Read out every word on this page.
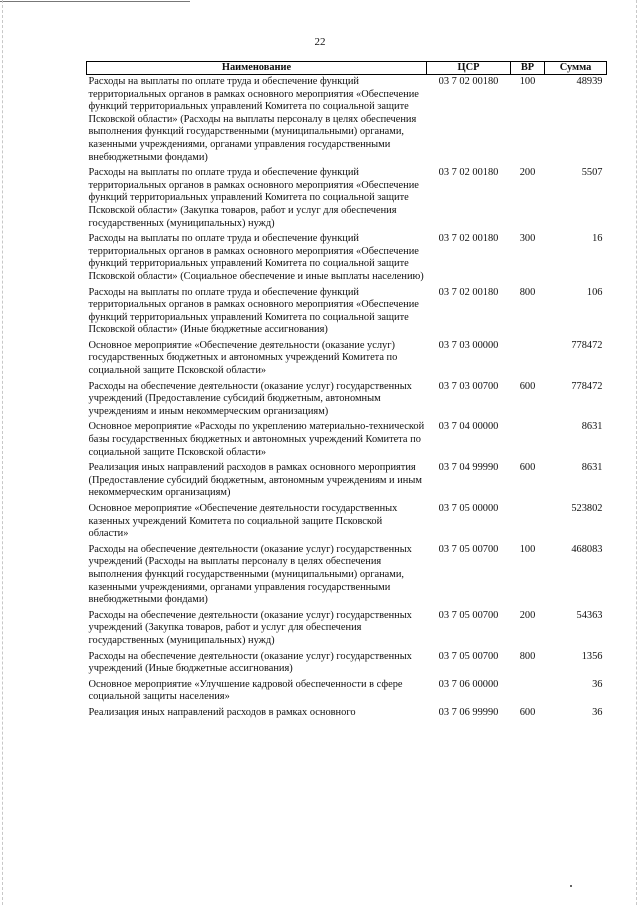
22
Наименование	ЦСР	ВР	Сумма
Расходы на выплаты по оплате труда и обеспечение функций территориальных органов в рамках основного мероприятия «Обеспечение функций территориальных управлений Комитета по социальной защите Псковской области» (Расходы на выплаты персоналу в целях обеспечения выполнения функций государственными (муниципальными) органами, казенными учреждениями, органами управления государственными внебюджетными фондами)	03 7 02 00180	100	48939
Расходы на выплаты по оплате труда и обеспечение функций территориальных органов в рамках основного мероприятия «Обеспечение функций территориальных управлений Комитета по социальной защите Псковской области» (Закупка товаров, работ и услуг для обеспечения государственных (муниципальных) нужд)	03 7 02 00180	200	5507
Расходы на выплаты по оплате труда и обеспечение функций территориальных органов в рамках основного мероприятия «Обеспечение функций территориальных управлений Комитета по социальной защите Псковской области» (Социальное обеспечение и иные выплаты населению)	03 7 02 00180	300	16
Расходы на выплаты по оплате труда и обеспечение функций территориальных органов в рамках основного мероприятия «Обеспечение функций территориальных управлений Комитета по социальной защите Псковской области» (Иные бюджетные ассигнования)	03 7 02 00180	800	106
Основное мероприятие «Обеспечение деятельности (оказание услуг) государственных бюджетных и автономных учреждений Комитета по социальной защите Псковской области»	03 7 03 00000		778472
Расходы на обеспечение деятельности (оказание услуг) государственных учреждений (Предоставление субсидий бюджетным, автономным учреждениям и иным некоммерческим организациям)	03 7 03 00700	600	778472
Основное мероприятие «Расходы по укреплению материально-технической базы государственных бюджетных и автономных учреждений Комитета по социальной защите Псковской области»	03 7 04 00000		8631
Реализация иных направлений расходов в рамках основного мероприятия (Предоставление субсидий бюджетным, автономным учреждениям и иным некоммерческим организациям)	03 7 04 99990	600	8631
Основное мероприятие «Обеспечение деятельности государственных казенных учреждений Комитета по социальной защите Псковской области»	03 7 05 00000		523802
Расходы на обеспечение деятельности (оказание услуг) государственных учреждений (Расходы на выплаты персоналу в целях обеспечения выполнения функций государственными (муниципальными) органами, казенными учреждениями, органами управления государственными внебюджетными фондами)	03 7 05 00700	100	468083
Расходы на обеспечение деятельности (оказание услуг) государственных учреждений (Закупка товаров, работ и услуг для обеспечения государственных (муниципальных) нужд)	03 7 05 00700	200	54363
Расходы на обеспечение деятельности (оказание услуг) государственных учреждений (Иные бюджетные ассигнования)	03 7 05 00700	800	1356
Основное мероприятие «Улучшение кадровой обеспеченности в сфере социальной защиты населения»	03 7 06 00000		36
Реализация иных направлений расходов в рамках основного	03 7 06 99990	600	36
